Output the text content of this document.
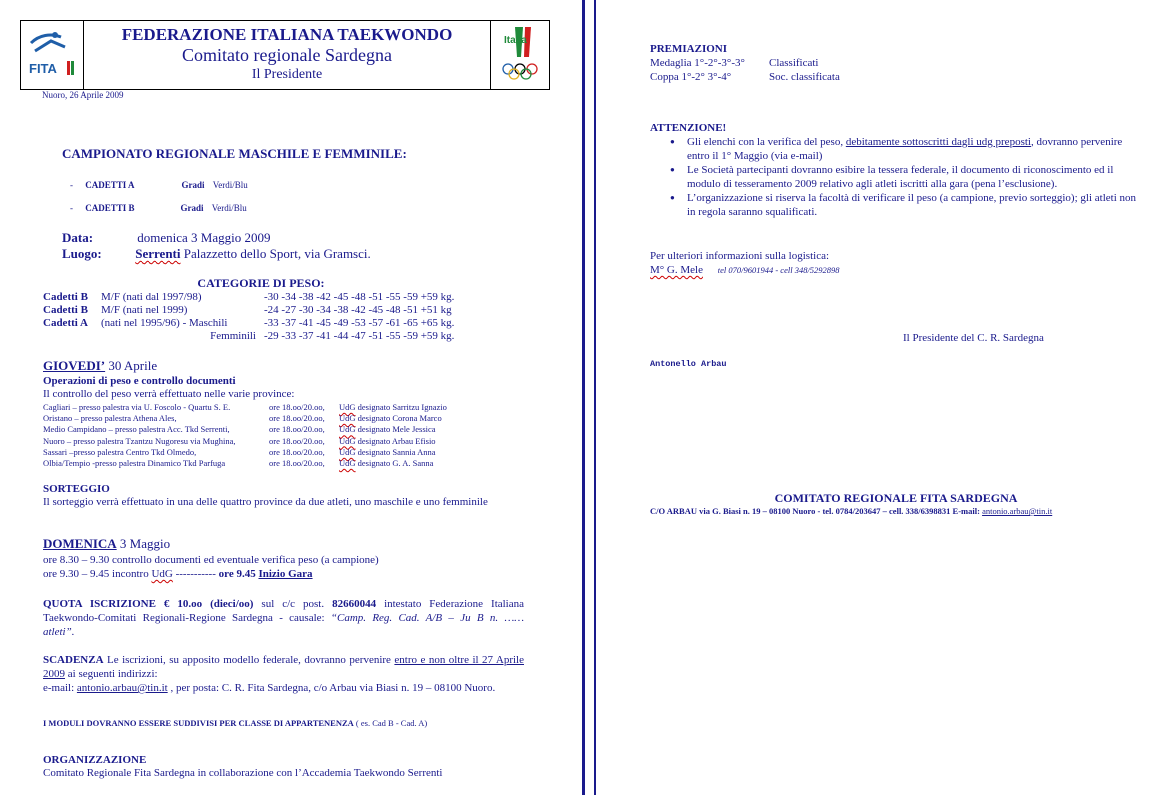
FITA
FEDERAZIONE ITALIANA TAEKWONDO
Comitato regionale Sardegna
Il Presidente
Italia
Nuoro, 26 Aprile 2009
CAMPIONATO REGIONALE MASCHILE E FEMMINILE:
- CADETTI A	Gradi Verdi/Blu
- CADETTI B	Gradi Verdi/Blu
Data:	domenica 3 Maggio 2009
Luogo:	Serrenti Palazzetto dello Sport, via Gramsci.
CATEGORIE DI PESO:
Cadetti B	M/F (nati dal 1997/98)	-30 -34 -38 -42 -45 -48 -51 -55 -59 +59 kg.
Cadetti B	M/F (nati nel 1999)	-24 -27 -30 -34 -38 -42 -45 -48 -51 +51 kg
Cadetti A	(nati nel 1995/96) - Maschili	-33 -37 -41 -45 -49 -53 -57 -61 -65 +65 kg.
	Femminili	-29 -33 -37 -41 -44 -47 -51 -55 -59 +59 kg.
GIOVEDI’ 30 Aprile
Operazioni di peso e controllo documenti
Il controllo del peso verrà effettuato nelle varie province:
Cagliari – presso palestra via U. Foscolo - Quartu S. E.	ore 18.oo/20.oo, UdG designato Sarritzu Ignazio
Oristano – presso palestra Athena Ales,	ore 18.oo/20.oo, UdG designato Corona Marco
Medio Campidano – presso palestra Acc. Tkd Serrenti,	ore 18.oo/20.oo, UdG designato Mele Jessica
Nuoro – presso palestra Tzantzu Nugoresu via Mughina,	ore 18.oo/20.oo, UdG designato Arbau Efisio
Sassari –presso palestra Centro Tkd Olmedo,	ore 18.oo/20.oo, UdG designato Sannia Anna
Olbia/Tempio -presso palestra Dinamico Tkd Parfuga	ore 18.oo/20.oo, UdG designato G. A. Sanna
SORTEGGIO
Il sorteggio verrà effettuato in una delle quattro province da due atleti, uno maschile e uno femminile
DOMENICA 3 Maggio
ore 8.30 – 9.30 controllo documenti ed eventuale verifica peso (a campione)
ore 9.30 – 9.45 incontro UdG ----------- ore 9.45 Inizio Gara
QUOTA ISCRIZIONE € 10.oo (dieci/oo) sul c/c post. 82660044 intestato Federazione Italiana
Taekwondo-Comitati Regionali-Regione Sardegna - causale: “Camp. Reg. Cad. A/B – Ju B n. ……
atleti”.
SCADENZA Le iscrizioni, su apposito modello federale, dovranno pervenire entro e non oltre il 27 Aprile 2009 ai seguenti indirizzi:
e-mail: antonio.arbau@tin.it , per posta: C. R. Fita Sardegna, c/o Arbau via Biasi n. 19 – 08100 Nuoro.
I MODULI DOVRANNO ESSERE SUDDIVISI PER CLASSE DI APPARTENENZA ( es. Cad B - Cad. A)
ORGANIZZAZIONE
Comitato Regionale Fita Sardegna in collaborazione con l’Accademia Taekwondo Serrenti
PREMIAZIONI
Medaglia 1°-2°-3°-3° Classificati
Coppa 1°-2° 3°-4°	Soc. classificata
ATTENZIONE!
● Gli elenchi con la verifica del peso, debitamente sottoscritti dagli udg preposti, dovranno pervenire entro il 1° Maggio (via e-mail)
● Le Società partecipanti dovranno esibire la tessera federale, il documento di riconoscimento ed il modulo di tesseramento 2009 relativo agli atleti iscritti alla gara (pena l’esclusione).
● L’organizzazione si riserva la facoltà di verificare il peso (a campione, previo sorteggio); gli atleti non in regola saranno squalificati.
Per ulteriori informazioni sulla logistica:
M° G. Mele tel 070/9601944 - cell 348/5292898
Il Presidente del C. R. Sardegna
Antonello Arbau
COMITATO REGIONALE FITA SARDEGNA
C/O ARBAU via G. Biasi n. 19 – 08100 Nuoro - tel. 0784/203647 – cell. 338/6398831 E-mail: antonio.arbau@tin.it
